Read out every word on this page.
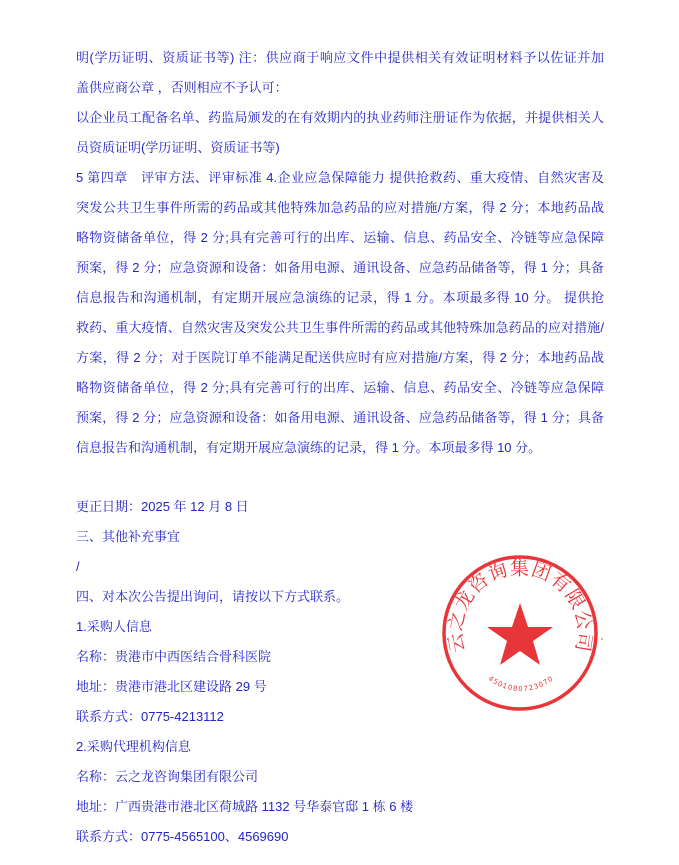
明(学历证明、资质证书等) 注：供应商于响应文件中提供相关有效证明材料予以佐证并加
盖供应商公章 ，否则相应不予认可：
以企业员工配备名单、药监局颁发的在有效期内的执业药师注册证作为依据，并提供相关人
员资质证明(学历证明、资质证书等)
5 第四章　评审方法、评审标准 4.企业应急保障能力 提供抢救药、重大疫情、自然灾害及
突发公共卫生事件所需的药品或其他特殊加急药品的应对措施/方案，得 2 分；本地药品战
略物资储备单位，得 2 分;具有完善可行的出库、运输、信息、药品安全、冷链等应急保障
预案，得 2 分；应急资源和设备：如备用电源、通讯设备、应急药品储备等，得 1 分；具备
信息报告和沟通机制，有定期开展应急演练的记录，得 1 分。本项最多得 10 分。 提供抢
救药、重大疫情、自然灾害及突发公共卫生事件所需的药品或其他特殊加急药品的应对措施/
方案，得 2 分；对于医院订单不能满足配送供应时有应对措施/方案，得 2 分；本地药品战
略物资储备单位，得 2 分;具有完善可行的出库、运输、信息、药品安全、冷链等应急保障
预案，得 2 分；应急资源和设备：如备用电源、通讯设备、应急药品储备等，得 1 分；具备
信息报告和沟通机制，有定期开展应急演练的记录，得 1 分。本项最多得 10 分。
更正日期：2025 年 12 月 8 日
三、其他补充事宜
/
四、对本次公告提出询问，请按以下方式联系。
1.采购人信息
名称：贵港市中西医结合骨科医院
地址：贵港市港北区建设路 29 号
联系方式：0775-4213112
2.采购代理机构信息
名称：云之龙咨询集团有限公司
地址：广西贵港市港北区荷城路 1132 号华泰官邸 1 栋 6 楼
联系方式：0775-4565100、4569690
云之龙咨询集团有限公司
4501080723070
